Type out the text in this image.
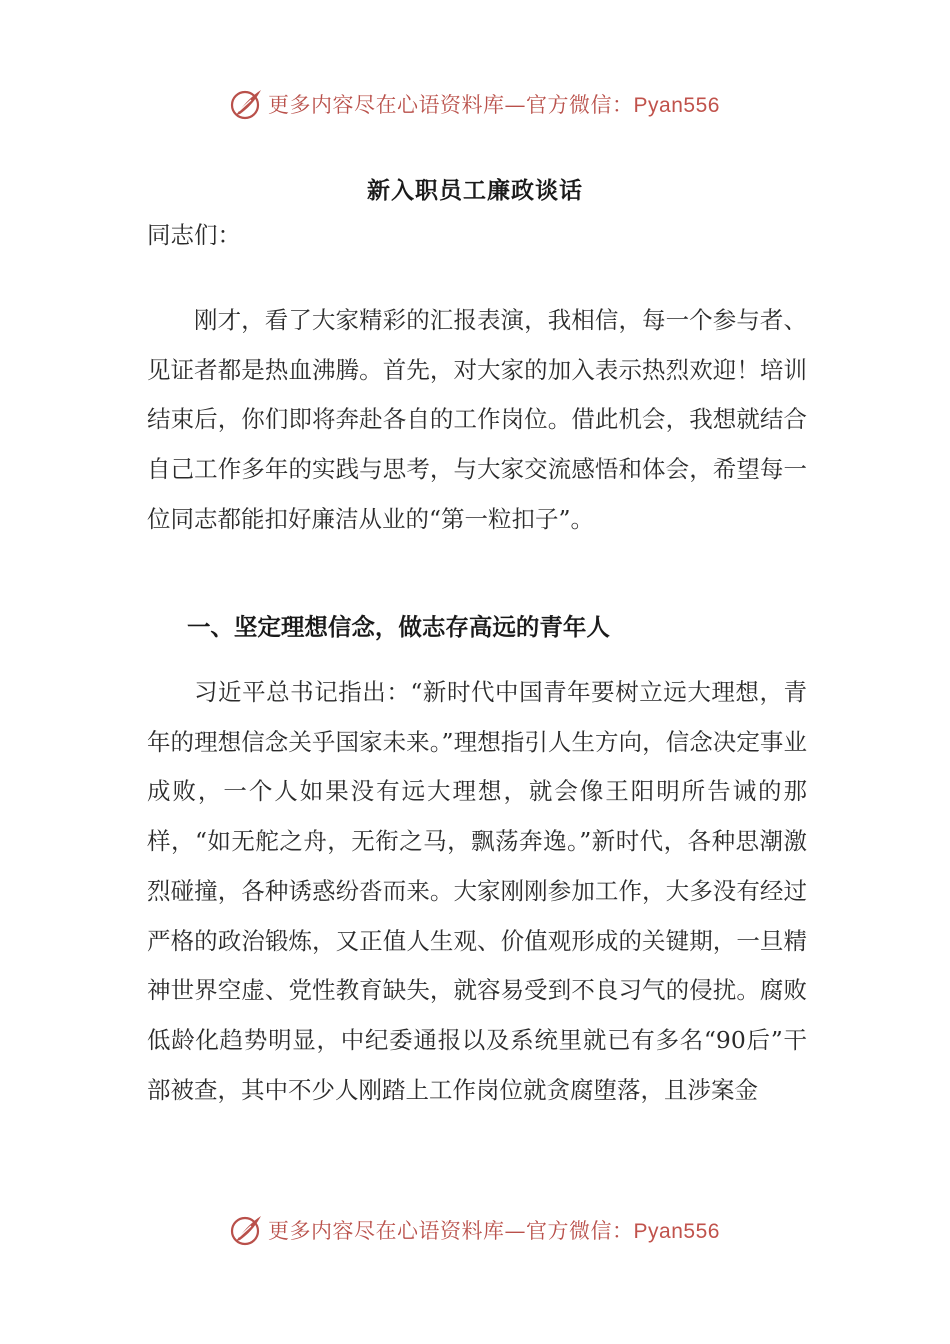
更多内容尽在心语资料库—官方微信：Pyan556
新入职员工廉政谈话
同志们：

刚才，看了大家精彩的汇报表演，我相信，每一个参与者、见证者都是热血沸腾。首先，对大家的加入表示热烈欢迎！培训结束后，你们即将奔赴各自的工作岗位。借此机会，我想就结合自己工作多年的实践与思考，与大家交流感悟和体会，希望每一位同志都能扣好廉洁从业的“第一粒扣子”。

一、坚定理想信念，做志存高远的青年人

习近平总书记指出：“新时代中国青年要树立远大理想，青年的理想信念关乎国家未来。”理想指引人生方向，信念决定事业成败，一个人如果没有远大理想，就会像王阳明所告诫的那样，“如无舵之舟，无衔之马，飘荡奔逸。”新时代，各种思潮激烈碰撞，各种诱惑纷沓而来。大家刚刚参加工作，大多没有经过严格的政治锻炼，又正值人生观、价值观形成的关键期，一旦精神世界空虚、党性教育缺失，就容易受到不良习气的侵扰。腐败低龄化趋势明显，中纪委通报以及系统里就已有多名“90后”干部被查，其中不少人刚踏上工作岗位就贪腐堕落，且涉案金

更多内容尽在心语资料库—官方微信：Pyan556
